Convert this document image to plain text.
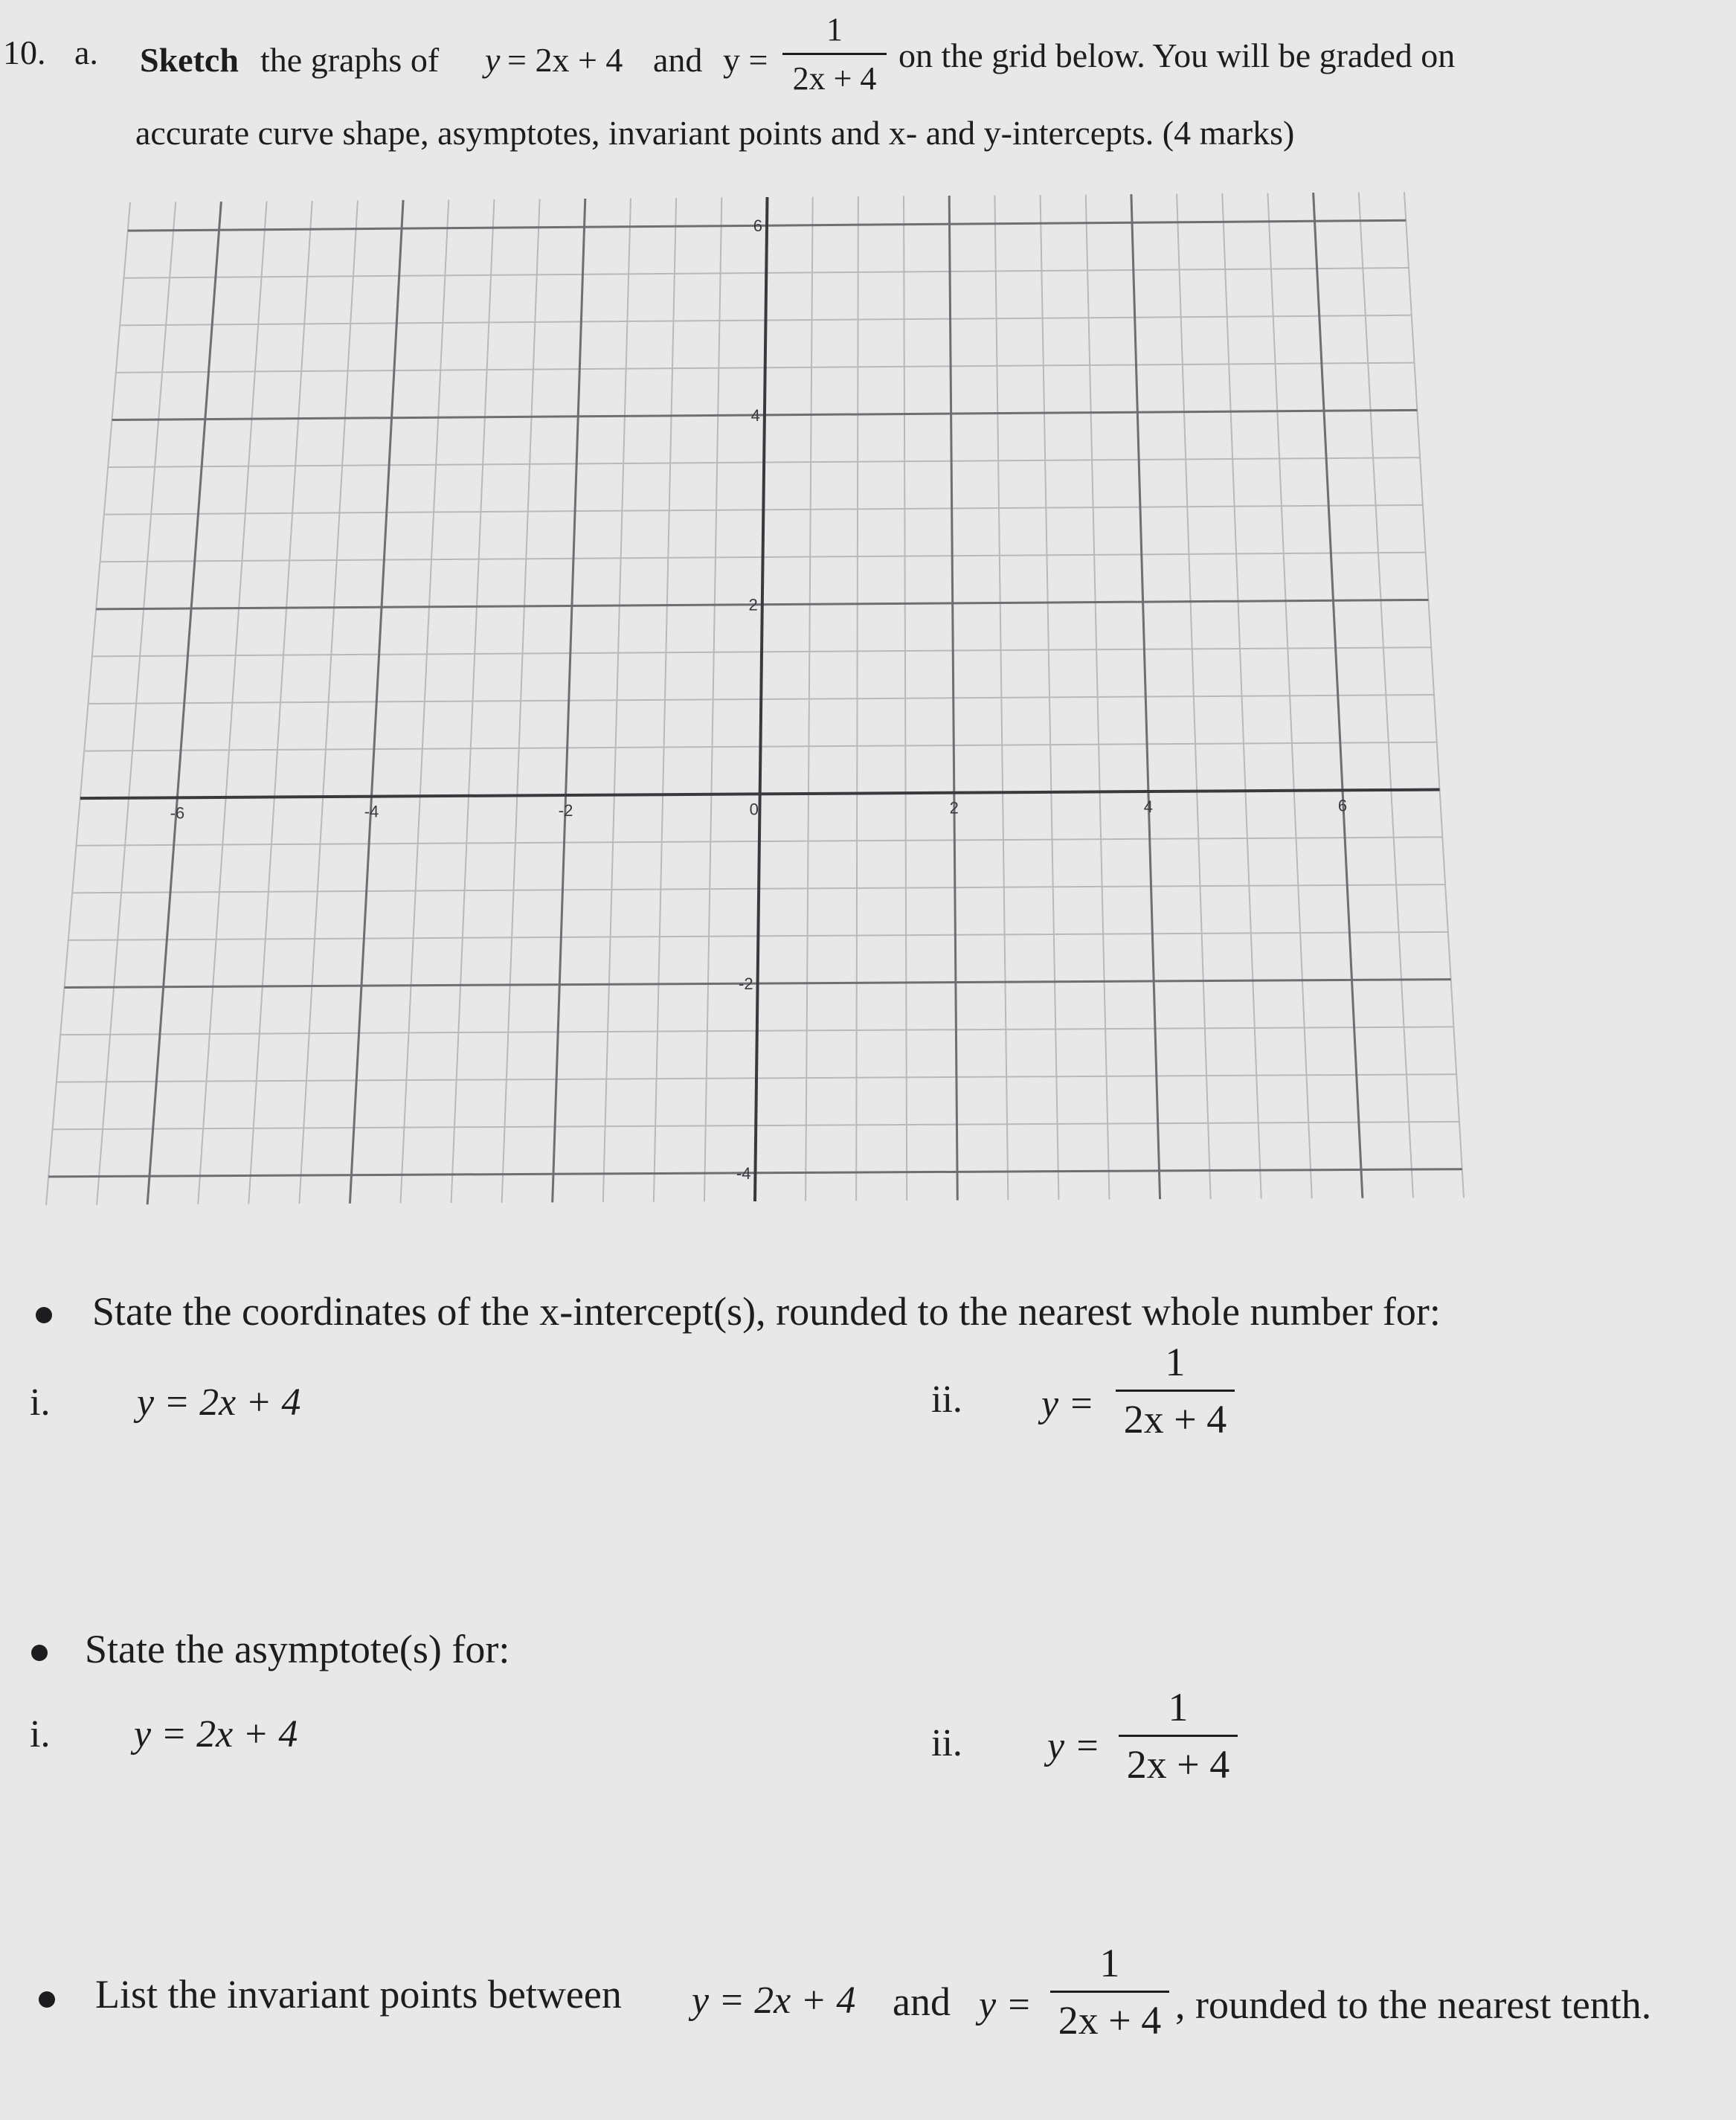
10. a. Sketch the graphs of y = 2x + 4 and y =
1
2x + 4
on the grid below. You will be graded on
accurate curve shape, asymptotes, invariant points and x- and y-intercepts. (4 marks)
-6	-4	-2	0	2	4	6
6
4
2
-2
-4
State the coordinates of the x-intercept(s), rounded to the nearest whole number for:
i. y = 2x + 4	ii. y =
1
2x + 4
State the asymptote(s) for:
i. y = 2x + 4	ii. y =
1
2x + 4
List the invariant points between y = 2x + 4 and y =
1
2x + 4 , rounded to the nearest tenth.
